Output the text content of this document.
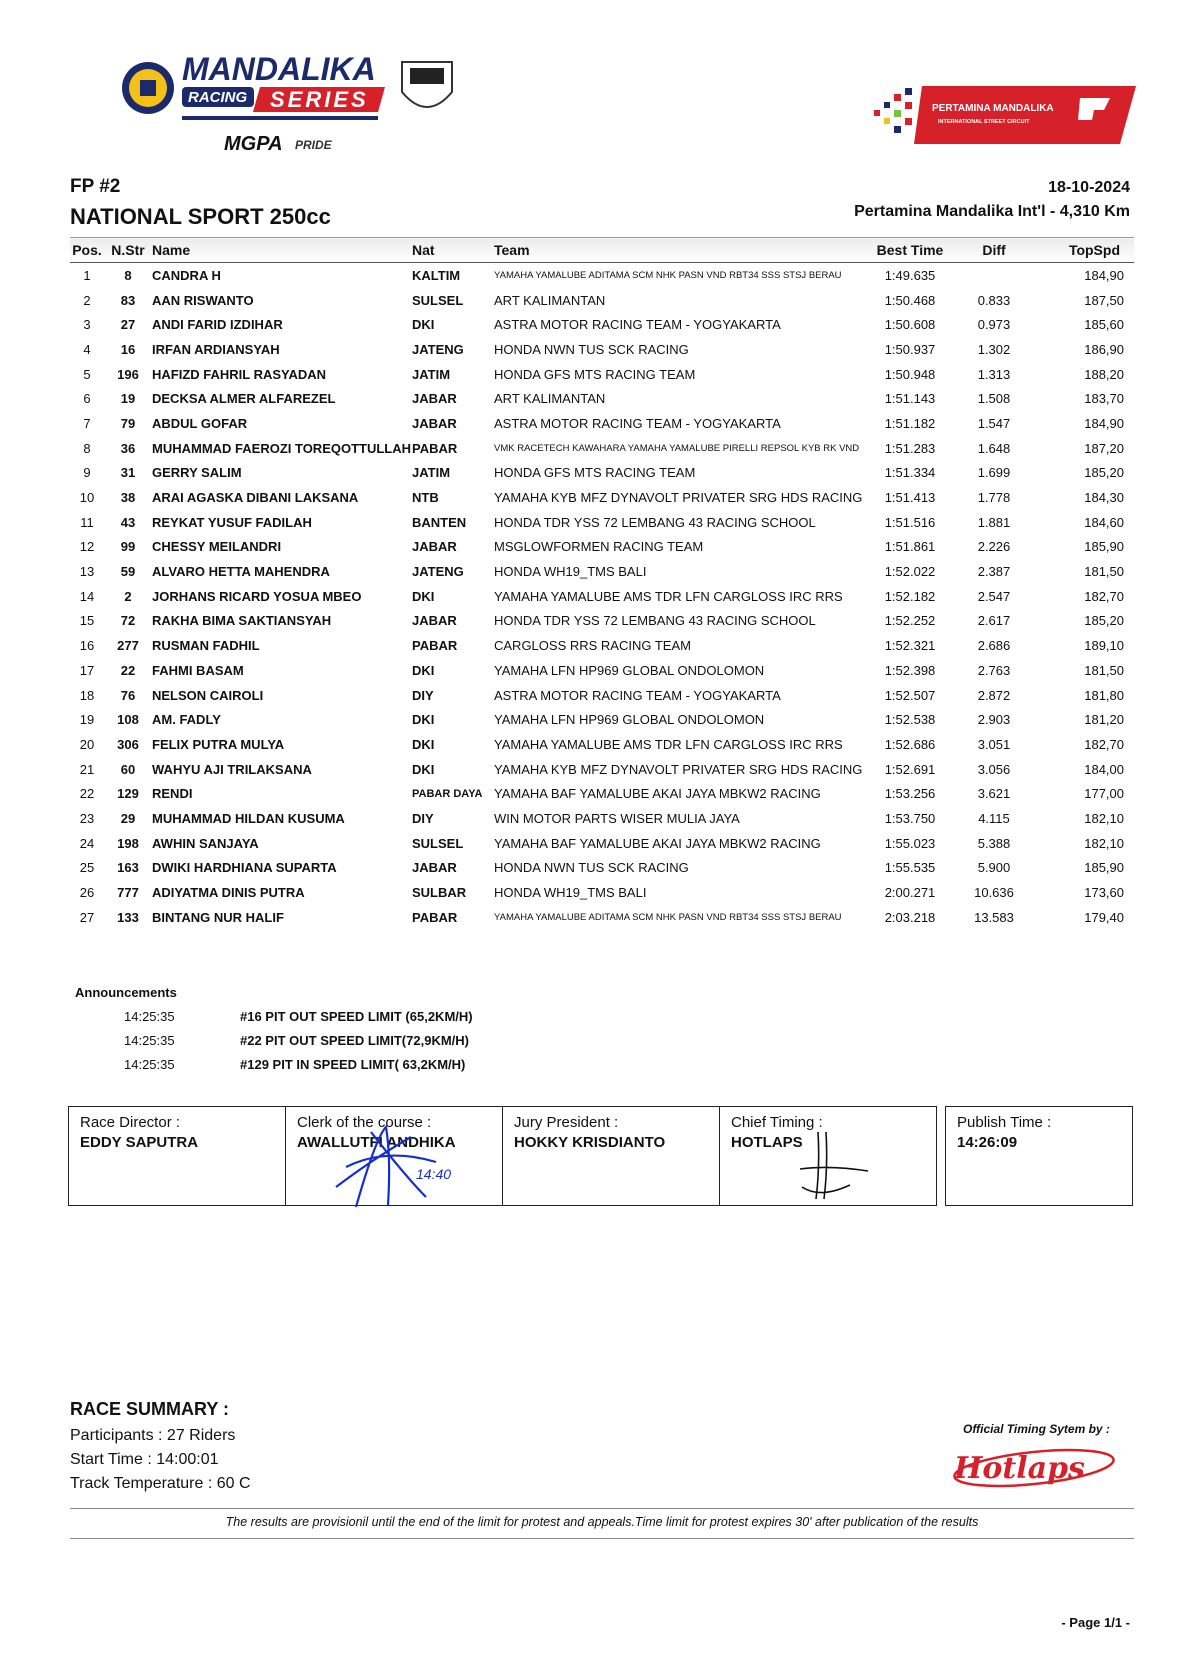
MANDALIKA
RACING SERIES
MGPA PRIDE
PERTAMINA MANDALIKA
INTERNATIONAL STREET CIRCUIT
FP #2
NATIONAL SPORT 250cc
18-10-2024
Pertamina Mandalika Int'l - 4,310 Km
Pos.	N.Str	Name	Nat	Team	Best Time	Diff	TopSpd
1	8	CANDRA H	KALTIM	YAMAHA YAMALUBE ADITAMA SCM NHK PASN VND RBT34 SSS STSJ BERAU	1:49.635		184,90
2	83	AAN RISWANTO	SULSEL	ART KALIMANTAN	1:50.468	0.833	187,50
3	27	ANDI FARID IZDIHAR	DKI	ASTRA MOTOR RACING TEAM - YOGYAKARTA	1:50.608	0.973	185,60
4	16	IRFAN ARDIANSYAH	JATENG	HONDA NWN TUS SCK RACING	1:50.937	1.302	186,90
5	196	HAFIZD FAHRIL RASYADAN	JATIM	HONDA GFS MTS RACING TEAM	1:50.948	1.313	188,20
6	19	DECKSA ALMER ALFAREZEL	JABAR	ART KALIMANTAN	1:51.143	1.508	183,70
7	79	ABDUL GOFAR	JABAR	ASTRA MOTOR RACING TEAM - YOGYAKARTA	1:51.182	1.547	184,90
8	36	MUHAMMAD FAEROZI TOREQOTTULLAH	PABAR	VMK RACETECH KAWAHARA YAMAHA YAMALUBE PIRELLI REPSOL KYB RK VND	1:51.283	1.648	187,20
9	31	GERRY SALIM	JATIM	HONDA GFS MTS RACING TEAM	1:51.334	1.699	185,20
10	38	ARAI AGASKA DIBANI LAKSANA	NTB	YAMAHA KYB MFZ DYNAVOLT PRIVATER SRG HDS RACING	1:51.413	1.778	184,30
11	43	REYKAT YUSUF FADILAH	BANTEN	HONDA TDR YSS 72 LEMBANG 43 RACING SCHOOL	1:51.516	1.881	184,60
12	99	CHESSY MEILANDRI	JABAR	MSGLOWFORMEN RACING TEAM	1:51.861	2.226	185,90
13	59	ALVARO HETTA MAHENDRA	JATENG	HONDA WH19_TMS BALI	1:52.022	2.387	181,50
14	2	JORHANS RICARD YOSUA MBEO	DKI	YAMAHA YAMALUBE AMS TDR LFN CARGLOSS IRC RRS	1:52.182	2.547	182,70
15	72	RAKHA BIMA SAKTIANSYAH	JABAR	HONDA TDR YSS 72 LEMBANG 43 RACING SCHOOL	1:52.252	2.617	185,20
16	277	RUSMAN FADHIL	PABAR	CARGLOSS RRS RACING TEAM	1:52.321	2.686	189,10
17	22	FAHMI BASAM	DKI	YAMAHA LFN HP969 GLOBAL ONDOLOMON	1:52.398	2.763	181,50
18	76	NELSON CAIROLI	DIY	ASTRA MOTOR RACING TEAM - YOGYAKARTA	1:52.507	2.872	181,80
19	108	AM. FADLY	DKI	YAMAHA LFN HP969 GLOBAL ONDOLOMON	1:52.538	2.903	181,20
20	306	FELIX PUTRA MULYA	DKI	YAMAHA YAMALUBE AMS TDR LFN CARGLOSS IRC RRS	1:52.686	3.051	182,70
21	60	WAHYU AJI TRILAKSANA	DKI	YAMAHA KYB MFZ DYNAVOLT PRIVATER SRG HDS RACING	1:52.691	3.056	184,00
22	129	RENDI	PABAR DAYA	YAMAHA BAF YAMALUBE AKAI JAYA MBKW2 RACING	1:53.256	3.621	177,00
23	29	MUHAMMAD HILDAN KUSUMA	DIY	WIN MOTOR PARTS WISER MULIA JAYA	1:53.750	4.115	182,10
24	198	AWHIN SANJAYA	SULSEL	YAMAHA BAF YAMALUBE AKAI JAYA MBKW2 RACING	1:55.023	5.388	182,10
25	163	DWIKI HARDHIANA SUPARTA	JABAR	HONDA NWN TUS SCK RACING	1:55.535	5.900	185,90
26	777	ADIYATMA DINIS PUTRA	SULBAR	HONDA WH19_TMS BALI	2:00.271	10.636	173,60
27	133	BINTANG NUR HALIF	PABAR	YAMAHA YAMALUBE ADITAMA SCM NHK PASN VND RBT34 SSS STSJ BERAU	2:03.218	13.583	179,40
Announcements
14:25:35	#16 PIT OUT SPEED LIMIT (65,2KM/H)
14:25:35	#22 PIT OUT SPEED LIMIT(72,9KM/H)
14:25:35	#129 PIT IN SPEED LIMIT( 63,2KM/H)
Race Director :
EDDY SAPUTRA
Clerk of the course :
AWALLUTFI ANDHIKA
14:40
Jury President :
HOKKY KRISDIANTO
Chief Timing :
HOTLAPS
Publish Time :
14:26:09
RACE SUMMARY :
Participants : 27 Riders
Start Time : 14:00:01
Track Temperature : 60 C
Official Timing Sytem by :
Hotlaps
The results are provisionil until the end of the limit for protest and appeals.Time limit for protest expires 30' after publication of the results
- Page 1/1 -
